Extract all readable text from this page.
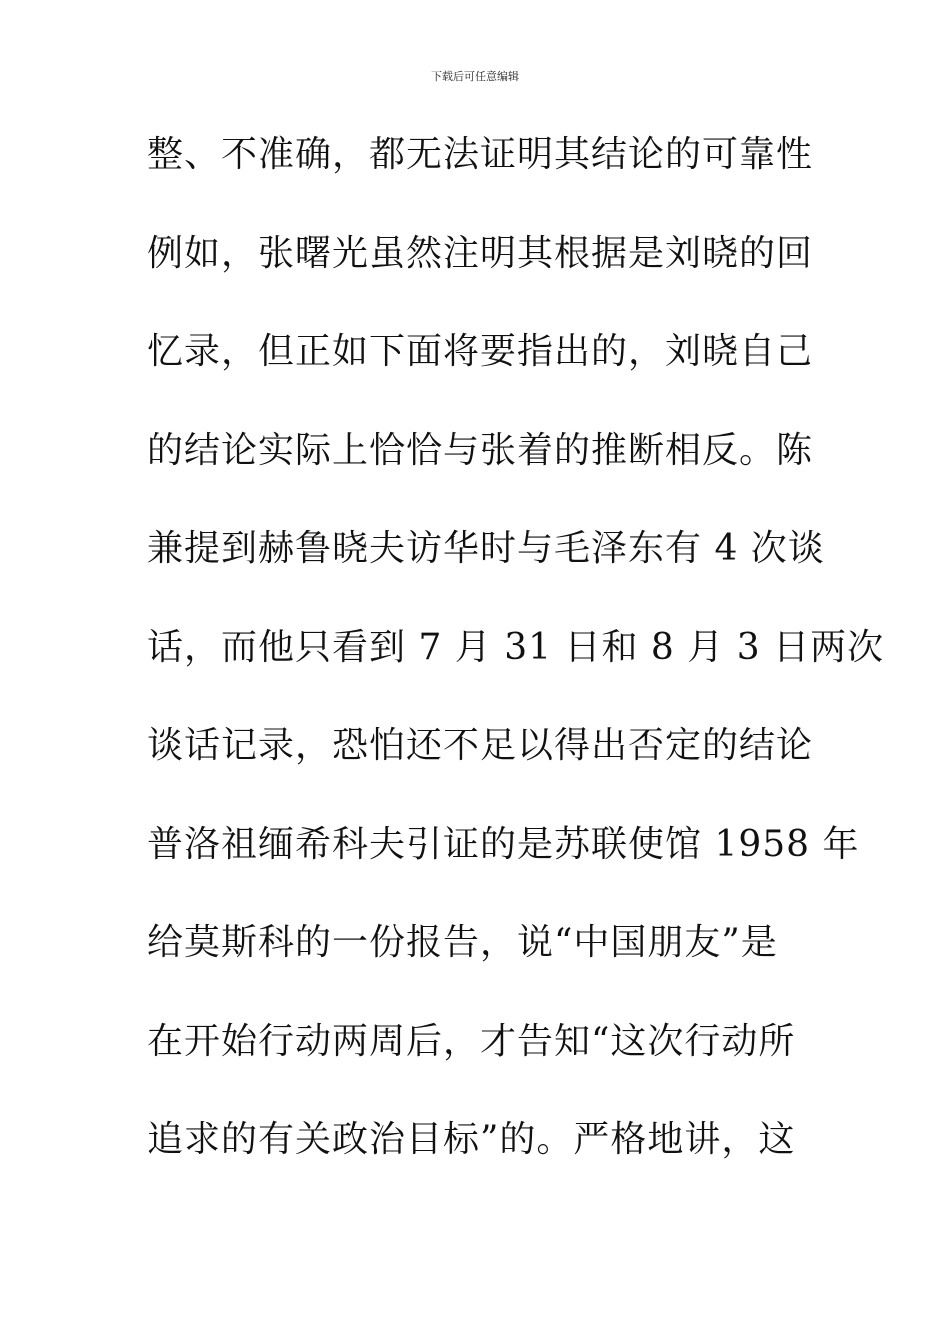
下载后可任意编辑
整、不准确，都无法证明其结论的可靠性
例如，张曙光虽然注明其根据是刘晓的回
忆录，但正如下面将要指出的，刘晓自己
的结论实际上恰恰与张着的推断相反。陈
兼提到赫鲁晓夫访华时与毛泽东有 4 次谈
话，而他只看到 7 月 31 日和 8 月 3 日两次
谈话记录，恐怕还不足以得出否定的结论
普洛祖缅希科夫引证的是苏联使馆 1958 年
给莫斯科的一份报告，说“中国朋友”是
在开始行动两周后，才告知“这次行动所
追求的有关政治目标”的。严格地讲，这
